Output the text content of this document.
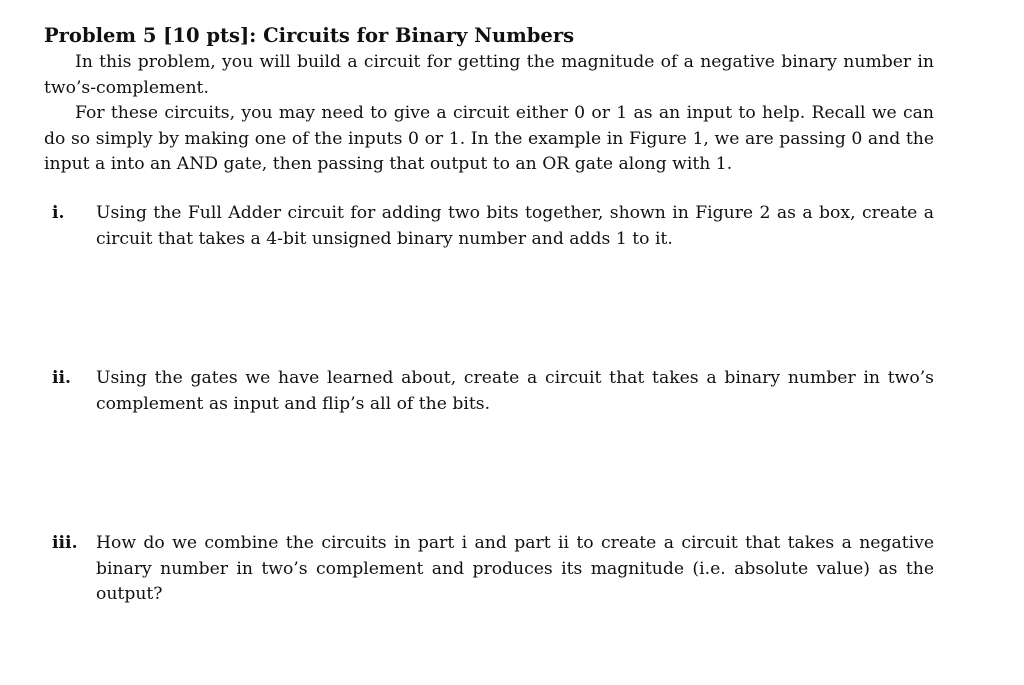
Problem 5 [10 pts]: Circuits for Binary Numbers

In this problem, you will build a circuit for getting the magnitude of a negative binary number in two’s-complement.

For these circuits, you may need to give a circuit either 0 or 1 as an input to help. Recall we can do so simply by making one of the inputs 0 or 1. In the example in Figure 1, we are passing 0 and the input a into an AND gate, then passing that output to an OR gate along with 1.

i. Using the Full Adder circuit for adding two bits together, shown in Figure 2 as a box, create a circuit that takes a 4-bit unsigned binary number and adds 1 to it.
ii. Using the gates we have learned about, create a circuit that takes a binary number in two’s complement as input and flip’s all of the bits.
iii. How do we combine the circuits in part i and part ii to create a circuit that takes a negative binary number in two’s complement and produces its magnitude (i.e. absolute value) as the output?
